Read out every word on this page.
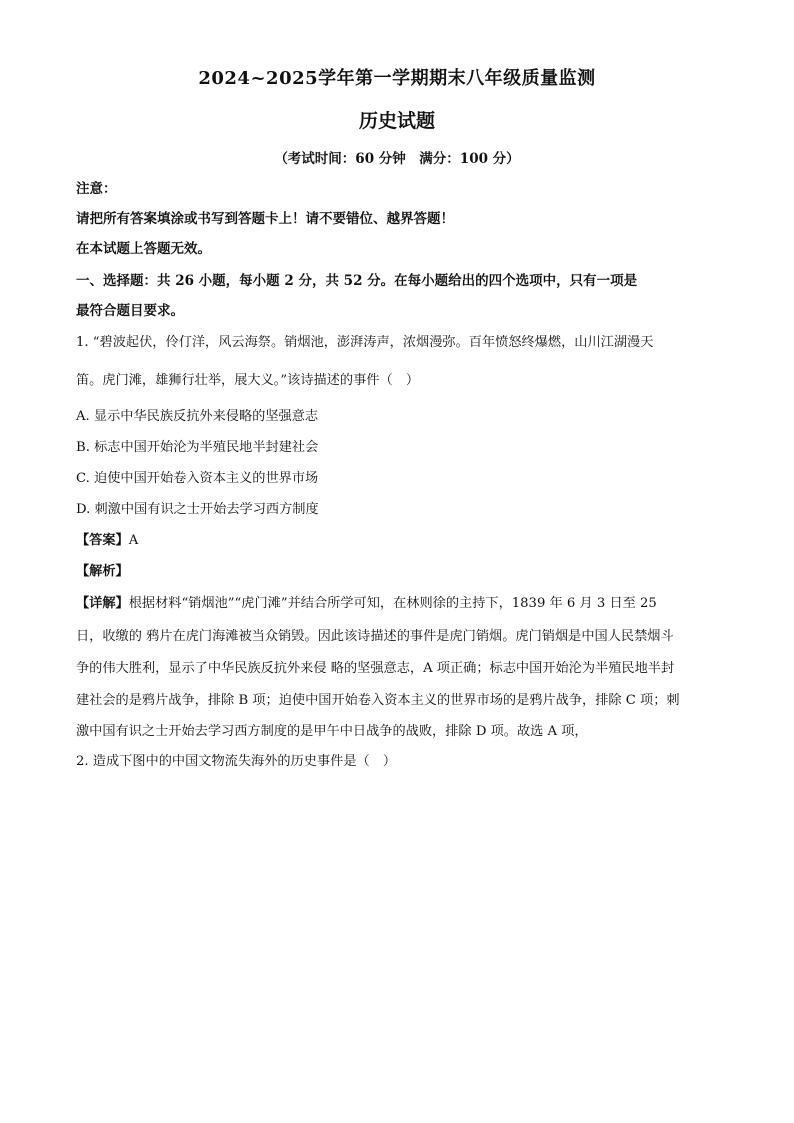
2024~2025学年第一学期期末八年级质量监测
历史试题
（考试时间：60 分钟　满分：100 分）
注意：
请把所有答案填涂或书写到答题卡上！请不要错位、越界答题！
在本试题上答题无效。
一、选择题：共 26 小题，每小题 2 分，共 52 分。在每小题给出的四个选项中，只有一项是
最符合题目要求。
1. “碧波起伏，伶仃洋，风云海祭。销烟池，澎湃涛声，浓烟漫弥。百年愤怒终爆燃，山川江湖漫天
笛。虎门滩，雄狮行壮举，展大义。”该诗描述的事件（　）
A. 显示中华民族反抗外来侵略的坚强意志
B. 标志中国开始沦为半殖民地半封建社会
C. 迫使中国开始卷入资本主义的世界市场
D. 刺激中国有识之士开始去学习西方制度
【答案】A
【解析】
【详解】根据材料“销烟池”“虎门滩”并结合所学可知，在林则徐的主持下，1839 年 6 月 3 日至 25
日，收缴的 鸦片在虎门海滩被当众销毁。因此该诗描述的事件是虎门销烟。虎门销烟是中国人民禁烟斗
争的伟大胜利，显示了中华民族反抗外来侵 略的坚强意志，A 项正确；标志中国开始沦为半殖民地半封
建社会的是鸦片战争，排除 B 项；迫使中国开始卷入资本主义的世界市场的是鸦片战争，排除 C 项；刺
激中国有识之士开始去学习西方制度的是甲午中日战争的战败，排除 D 项。故选 A 项，
2. 造成下图中的中国文物流失海外的历史事件是（　）
